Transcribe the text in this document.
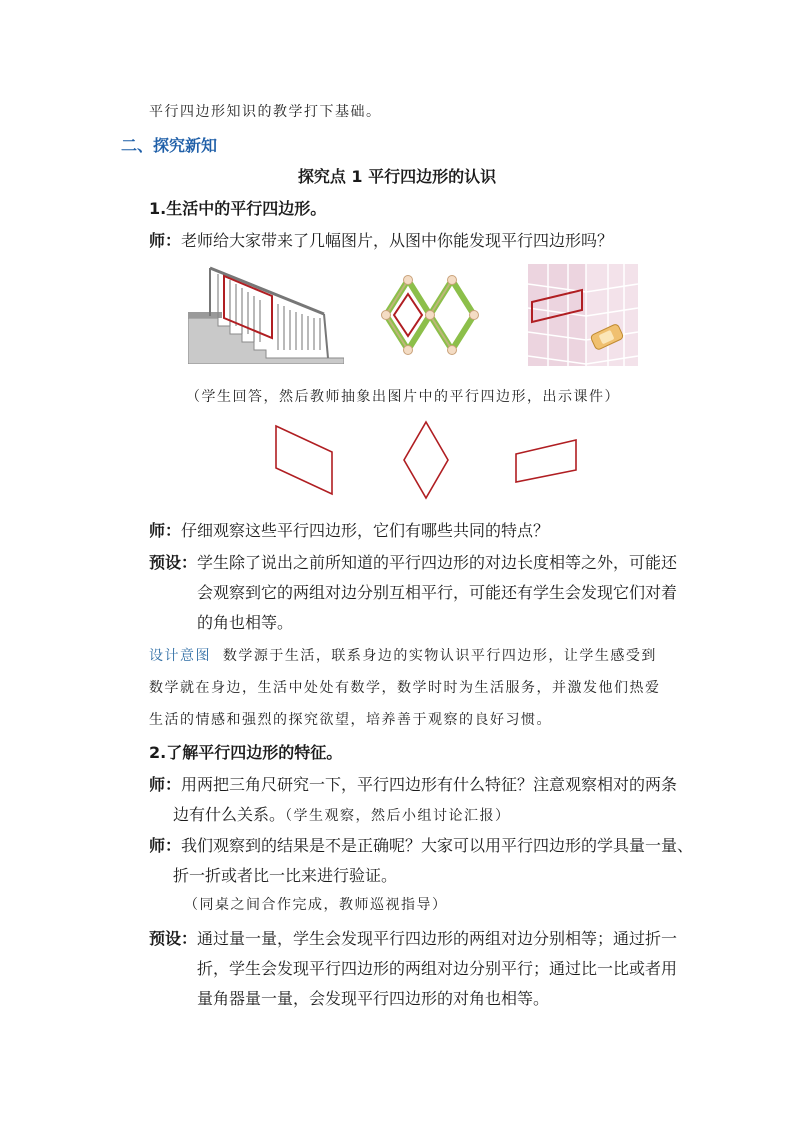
平行四边形知识的教学打下基础。
二、探究新知
探究点 1 平行四边形的认识
1.生活中的平行四边形。
师：老师给大家带来了几幅图片，从图中你能发现平行四边形吗？
（学生回答，然后教师抽象出图片中的平行四边形，出示课件）
师：仔细观察这些平行四边形，它们有哪些共同的特点？
预设：学生除了说出之前所知道的平行四边形的对边长度相等之外，可能还
会观察到它的两组对边分别互相平行，可能还有学生会发现它们对着
的角也相等。
设计意图 数学源于生活，联系身边的实物认识平行四边形，让学生感受到
数学就在身边，生活中处处有数学，数学时时为生活服务，并激发他们热爱
生活的情感和强烈的探究欲望，培养善于观察的良好习惯。
2.了解平行四边形的特征。
师：用两把三角尺研究一下，平行四边形有什么特征？注意观察相对的两条
边有什么关系。（学生观察，然后小组讨论汇报）
师：我们观察到的结果是不是正确呢？大家可以用平行四边形的学具量一量、
折一折或者比一比来进行验证。
（同桌之间合作完成，教师巡视指导）
预设：通过量一量，学生会发现平行四边形的两组对边分别相等；通过折一
折，学生会发现平行四边形的两组对边分别平行；通过比一比或者用
量角器量一量，会发现平行四边形的对角也相等。
